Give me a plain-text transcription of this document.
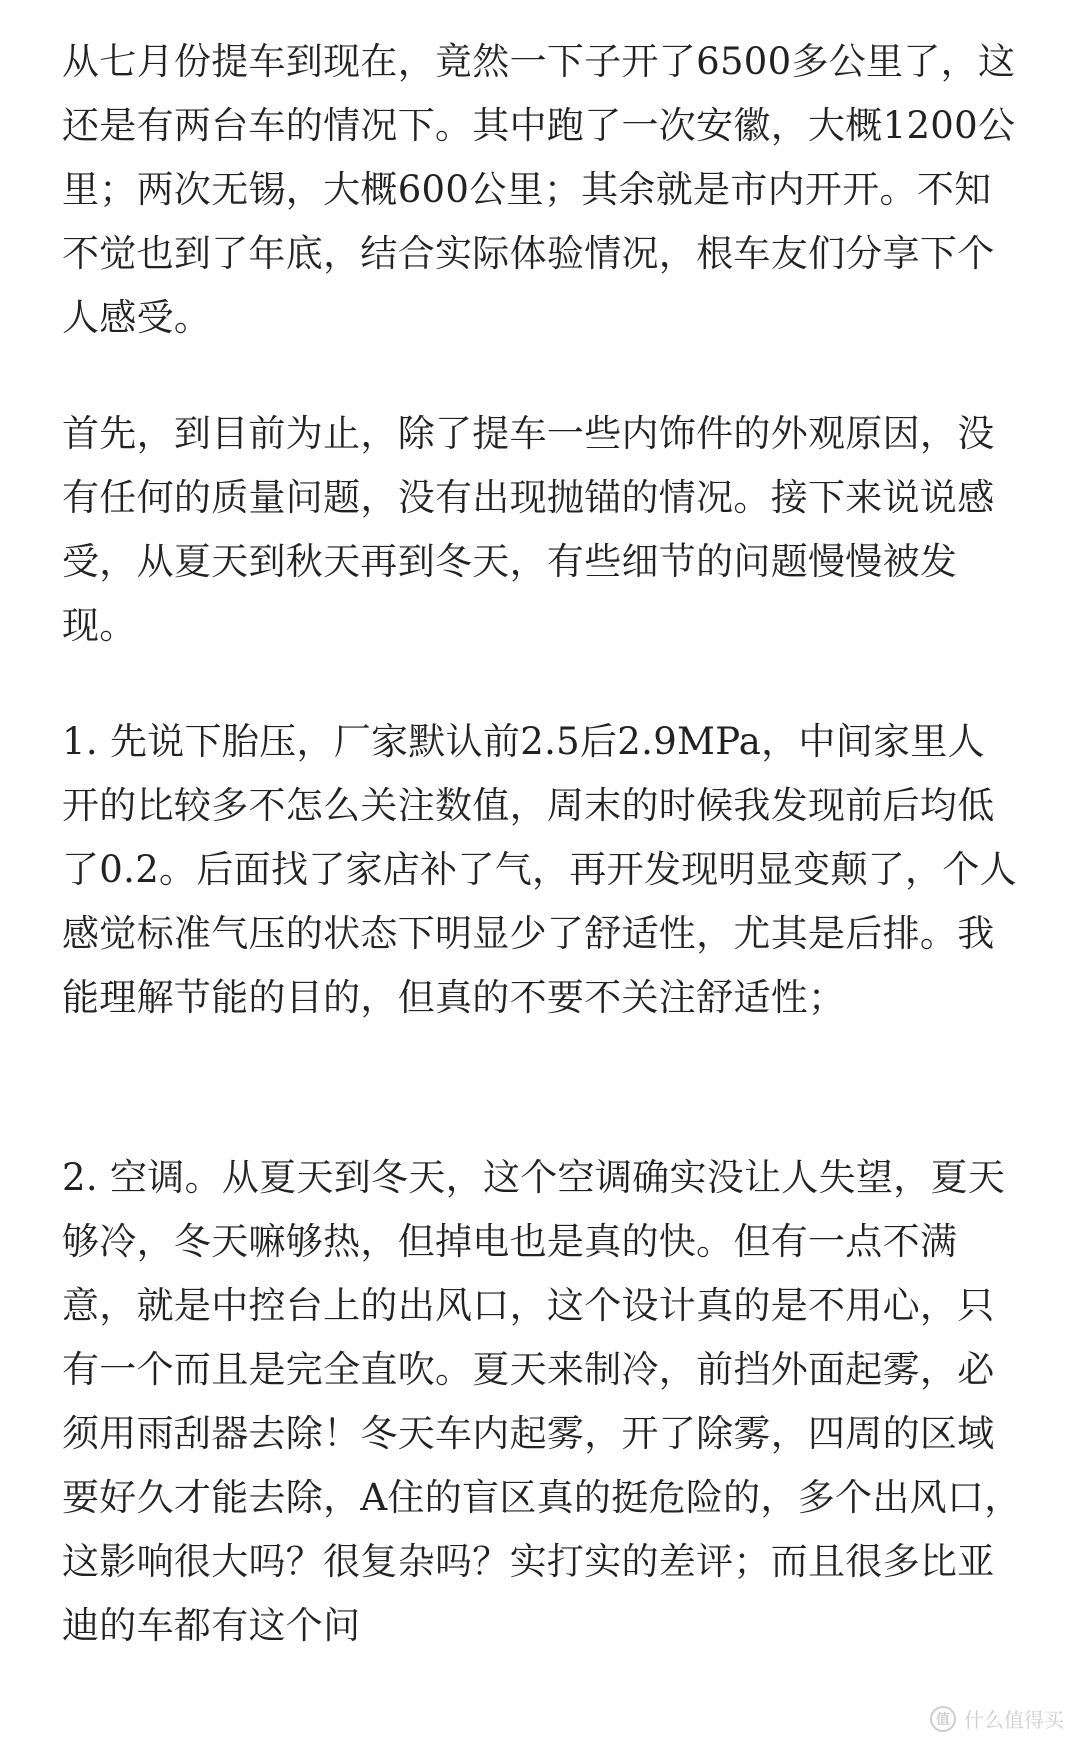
从七月份提车到现在，竟然一下子开了6500多公里了，这还是有两台车的情况下。其中跑了一次安徽，大概1200公里；两次无锡，大概600公里；其余就是市内开开。不知不觉也到了年底，结合实际体验情况，根车友们分享下个人感受。

首先，到目前为止，除了提车一些内饰件的外观原因，没有任何的质量问题，没有出现抛锚的情况。接下来说说感受，从夏天到秋天再到冬天，有些细节的问题慢慢被发现。

1. 先说下胎压，厂家默认前2.5后2.9MPa，中间家里人开的比较多不怎么关注数值，周末的时候我发现前后均低了0.2。后面找了家店补了气，再开发现明显变颠了，个人感觉标准气压的状态下明显少了舒适性，尤其是后排。我能理解节能的目的，但真的不要不关注舒适性；

2. 空调。从夏天到冬天，这个空调确实没让人失望，夏天够冷，冬天嘛够热，但掉电也是真的快。但有一点不满意，就是中控台上的出风口，这个设计真的是不用心，只有一个而且是完全直吹。夏天来制冷，前挡外面起雾，必须用雨刮器去除！冬天车内起雾，开了除雾，四周的区域要好久才能去除，A住的盲区真的挺危险的，多个出风口，这影响很大吗？很复杂吗？实打实的差评；而且很多比亚迪的车都有这个问

值 什么值得买
